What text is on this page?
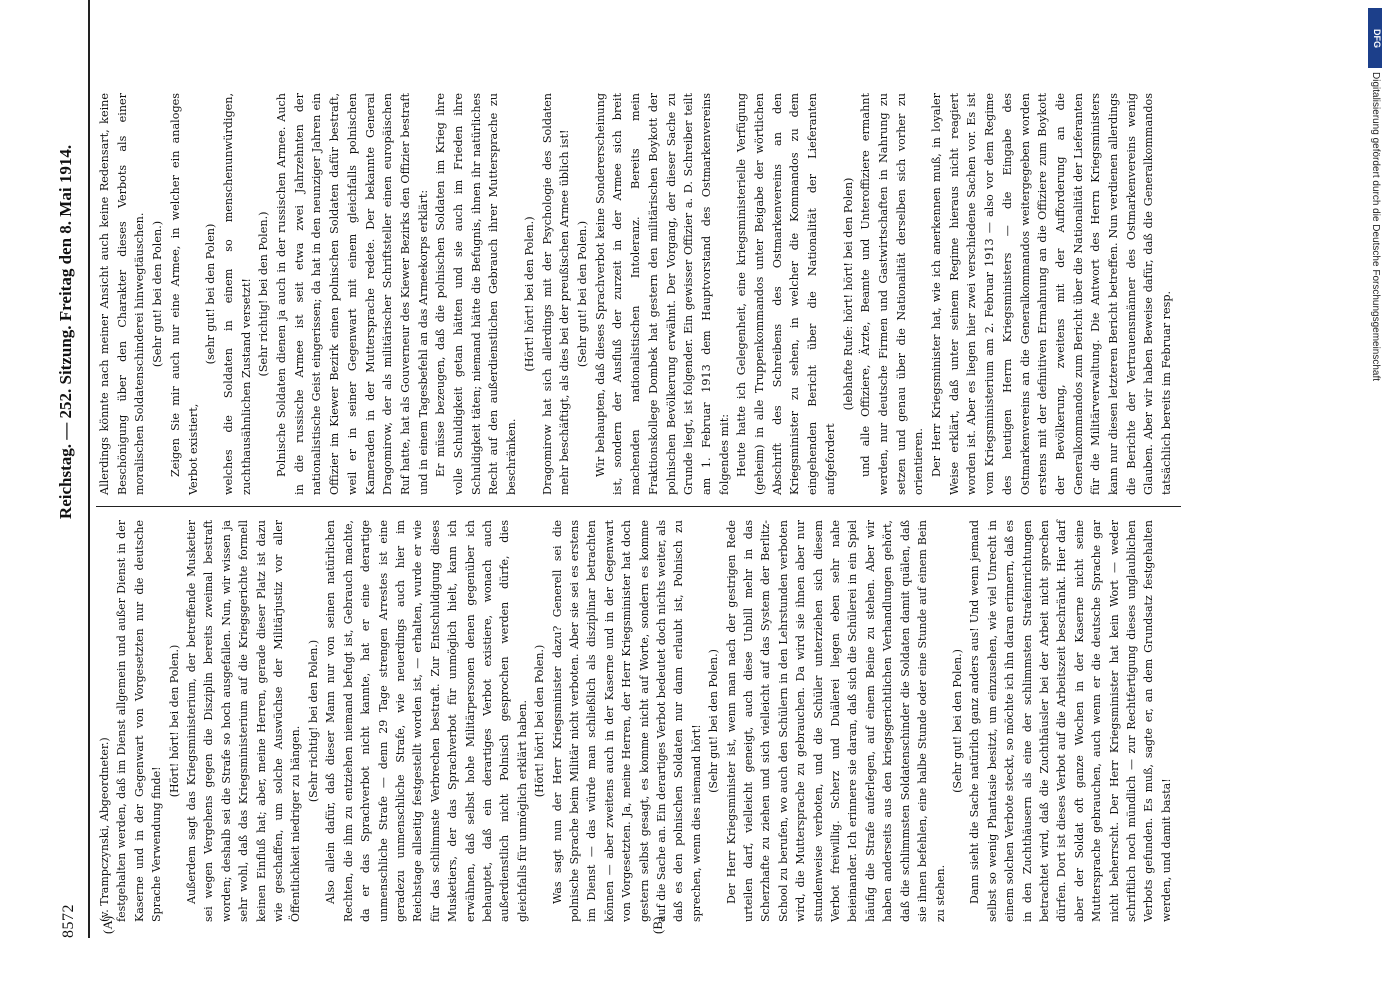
8572
Reichstag. — 252. Sitzung. Freitag den 8. Mai 1914.
(A)	(B)

(v. Trampczynski, Abgeordneter.) festgehalten werden, daß im Dienst allgemein und außer Dienst in der Kaserne und in der Gegenwart von Vorgesetzten nur die deutsche Sprache Verwendung finde!

(Hört! hört! bei den Polen.) Außerdem sagt das Kriegsministerium, der betreffende Musketier sei wegen Vergehens gegen die Disziplin bereits zweimal bestraft worden; deshalb sei die Strafe so hoch ausgefallen. Nun, wir wissen ja sehr wohl, daß das Kriegsministerium auf die Kriegsgerichte formell keinen Einfluß hat; aber, meine Herren, gerade dieser Platz ist dazu wie geschaffen, um solche Auswüchse der Militärjustiz vor aller Öffentlichkeit niedriger zu hängen.

(Sehr richtig! bei den Polen.) Also allein dafür, daß dieser Mann nur von seinen natürlichen Rechten, die ihm zu entziehen niemand befugt ist, Gebrauch machte, da er das Sprachverbot nicht kannte, hat er eine derartige unmenschliche Strafe — denn 29 Tage strengen Arrestes ist eine geradezu unmenschliche Strafe, wie neuerdings auch hier im Reichstage allseitig festgestellt worden ist, — erhalten, wurde er wie für das schlimmste Verbrechen bestraft. Zur Entschuldigung dieses Musketiers, der das Sprachverbot für unmöglich hielt, kann ich erwähnen, daß selbst hohe Militärpersonen denen gegenüber ich behauptet, daß ein derartiges Verbot existiere, wonach auch außerdienstlich nicht Polnisch gesprochen werden dürfe, dies gleichfalls für unmöglich erklärt haben. (Hört! hört! bei den Polen.) Was sagt nun der Herr Kriegsminister dazu? Generell sei die polnische Sprache beim Militär nicht verboten. Aber sie sei es erstens im Dienst — das würde man schließlich als disziplinar betrachten können — aber zweitens auch in der Kaserne und in der Gegenwart von Vorgesetzten. Ja, meine Herren, der Herr Kriegsminister hat doch gestern selbst gesagt, es komme nicht auf Worte, sondern es komme auf die Sache an. Ein derartiges Verbot bedeutet doch nichts weiter, als daß es den polnischen Soldaten nur dann erlaubt ist, Polnisch zu sprechen, wenn dies niemand hört!

(Sehr gut! bei den Polen.) Der Herr Kriegsminister ist, wenn man nach der gestrigen Rede urteilen darf, vielleicht geneigt, auch diese Unbill mehr in das Scherzhafte zu ziehen und sich vielleicht auf das System der Berlitz-School zu berufen, wo auch den Schülern in den Lehrstunden verboten wird, die Muttersprache zu gebrauchen. Da wird sie ihnen aber nur stundenweise verboten, und die Schüler unterziehen sich diesem Verbot freiwillig. Scherz und Duälerei liegen eben sehr nahe beieinander. Ich erinnere sie daran, daß sich die Schülerei in ein Spiel häufig die Strafe auferlegen, auf einem Beine zu stehen. Aber wir haben anderseits aus den kriegsgerichtlichen Verhandlungen gehört, daß die schlimmsten Soldatenschinder die Soldaten damit quälen, daß sie ihnen befehlen, eine halbe Stunde oder eine Stunde auf einem Bein zu stehen.

(Sehr gut! bei den Polen.) Dann sieht die Sache natürlich ganz anders aus! Und wenn jemand selbst so wenig Phantasie besitzt, um einzusehen, wie viel Unrecht in einem solchen Verbote steckt, so möchte ich ihn daran erinnern, daß es in den Zuchthäusern als eine der schlimmsten Strafeinrichtungen betrachtet wird, daß die Zuchthäusler bei der Arbeit nicht sprechen dürfen. Dort ist dieses Verbot auf die Arbeitszeit beschränkt. Hier darf aber der Soldat oft ganze Wochen in der Kaserne nicht seine Muttersprache gebrauchen, auch wenn er die deutsche Sprache gar nicht beherrscht. Der Herr Kriegsminister hat kein Wort — weder schriftlich noch mündlich — zur Rechtfertigung dieses unglaublichen Verbots gefunden. Es muß, sagte er, an dem Grundsatz festgehalten werden, und damit basta!

Allerdings könnte nach meiner Ansicht auch keine Redensart, keine Beschönigung über den Charakter dieses Verbots als einer moralischen Soldatenschinderei hinwegtäuschen. (Sehr gut! bei den Polen.) Zeigen Sie mir auch nur eine Armee, in welcher ein analoges Verbot existiert,

(sehr gut! bei den Polen) welches die Soldaten in einem so menschenunwürdigen, zuchthausähnlichen Zustand versetzt! (Sehr richtig! bei den Polen.) Polnische Soldaten dienen ja auch in der russischen Armee. Auch in die russische Armee ist seit etwa zwei Jahrzehnten der nationalistische Geist eingerissen; da hat in den neunziger Jahren ein Offizier im Kiewer Bezirk einen polnischen Soldaten dafür bestraft, weil er in seiner Gegenwart mit einem gleichfalls polnischen Kameraden in der Muttersprache redete. Der bekannte General Dragomirow, der als militärischer Schriftsteller einen europäischen Ruf hatte, hat als Gouverneur des Kiewer Bezirks den Offizier bestraft und in einem Tagesbefehl an das Armeekorps erklärt: Er müsse bezeugen, daß die polnischen Soldaten im Krieg ihre volle Schuldigkeit getan hätten und sie auch im Frieden ihre Schuldigkeit täten; niemand hätte die Befugnis, ihnen ihr natürliches Recht auf den außerdienstlichen Gebrauch ihrer Muttersprache zu beschränken.

(Hört! hört! bei den Polen.) Dragomirow hat sich allerdings mit der Psychologie des Soldaten mehr beschäftigt, als dies bei der preußischen Armee üblich ist! (Sehr gut! bei den Polen.) Wir behaupten, daß dieses Sprachverbot keine Sondererscheinung ist, sondern der Ausfluß der zurzeit in der Armee sich breit machenden nationalistischen Intoleranz. Bereits mein Fraktionskollege Dombek hat gestern den militärischen Boykott der polnischen Bevölkerung erwähnt. Der Vorgang, der dieser Sache zu Grunde liegt, ist folgender. Ein gewisser Offizier a. D. Schreiber teilt am 1. Februar 1913 dem Hauptvorstand des Ostmarkenvereins folgendes mit: Heute hatte ich Gelegenheit, eine kriegsministerielle Verfügung (geheim) in alle Truppenkommandos unter Beigabe der wörtlichen Abschrift des Schreibens des Ostmarkenvereins an den Kriegsminister zu sehen, in welcher die Kommandos zu dem eingehenden Bericht über die Nationalität der Lieferanten aufgefordert

(lebhafte Rufe: hört! hört! bei den Polen) und alle Offiziere, Ärzte, Beamte und Unteroffiziere ermahnt werden, nur deutsche Firmen und Gastwirtschaften in Nahrung zu setzen und genau über die Nationalität derselben sich vorher zu orientieren. Der Herr Kriegsminister hat, wie ich anerkennen muß, in loyaler Weise erklärt, daß unter seinem Regime hieraus nicht reagiert worden ist. Aber es liegen hier zwei verschiedene Sachen vor. Es ist vom Kriegsministerium am 2. Februar 1913 — also vor dem Regime des heutigen Herrn Kriegsministers — die Eingabe des Ostmarkenvereins an die Generalkommandos weitergegeben worden erstens mit der definitiven Ermahnung an die Offiziere zum Boykott der Bevölkerung, zweitens mit der Aufforderung an die Generalkommandos zum Bericht über die Nationalität der Lieferanten für die Militärverwaltung. Die Antwort des Herrn Kriegsministers kann nur diesen letzteren Bericht betreffen. Nun verdienen allerdings die Berichte der Vertrauensmänner des Ostmarkenvereins wenig Glauben. Aber wir haben Beweise dafür, daß die Generalkommandos tatsächlich bereits im Februar resp.

DFG
Digitalisierung gefördert durch die Deutsche Forschungsgemeinschaft
